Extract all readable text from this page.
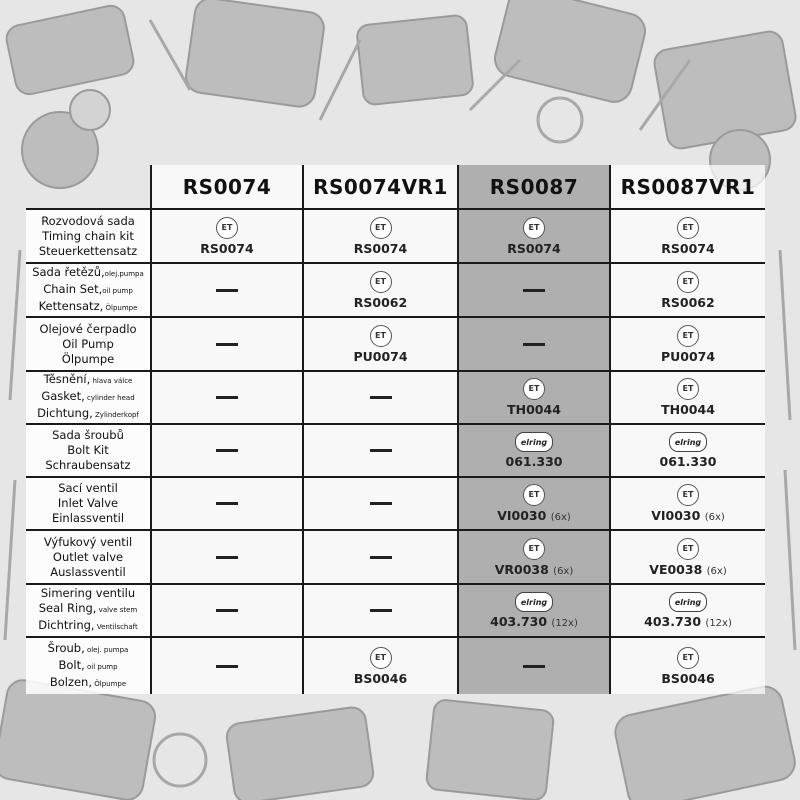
RS0074 RS0074VR1 RS0087 RS0087VR1
Rozvodová sada
Timing chain kit
Steuerkettensatz
ET
RS0074
ET
RS0074
ET
RS0074
ET
RS0074
Sada řetězů,olej.pumpa
Chain Set,oil pump
Kettensatz, Ölpumpe
ET
RS0062
ET
RS0062
Olejové čerpadlo
Oil Pump
Ölpumpe
ET
PU0074
ET
PU0074
Těsnění, hlava válce
Gasket, cylinder head
Dichtung, Zylinderkopf
ET
TH0044
ET
TH0044
Sada šroubů
Bolt Kit
Schraubensatz
elring
061.330
elring
061.330
Sací ventil
Inlet Valve
Einlassventil
ET
VI0030 (6x)
ET
VI0030 (6x)
Výfukový ventil
Outlet valve
Auslassventil
ET
VR0038 (6x)
ET
VE0038 (6x)
Simering ventilu
Seal Ring, valve stem
Dichtring, Ventilschaft
elring
403.730 (12x)
elring
403.730 (12x)
Šroub, olej. pumpa
Bolt, oil pump
Bolzen, Ölpumpe
ET
BS0046
ET
BS0046
